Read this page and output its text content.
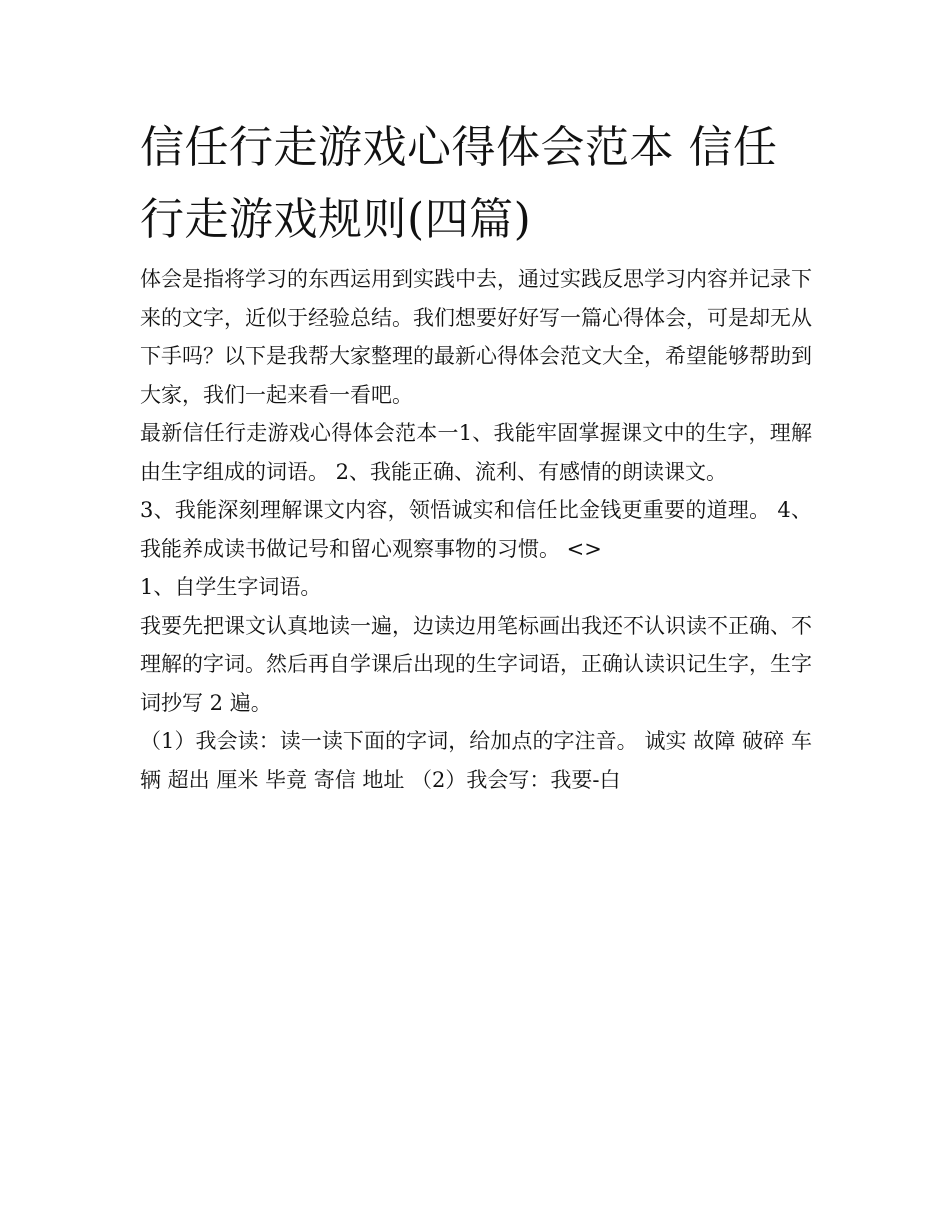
信任行走游戏心得体会范本 信任行走游戏规则(四篇)

体会是指将学习的东西运用到实践中去，通过实践反思学习内容并记录下来的文字，近似于经验总结。我们想要好好写一篇心得体会，可是却无从下手吗？以下是我帮大家整理的最新心得体会范文大全，希望能够帮助到大家，我们一起来看一看吧。

最新信任行走游戏心得体会范本一1、我能牢固掌握课文中的生字，理解由生字组成的词语。 2、我能正确、流利、有感情的朗读课文。

3、我能深刻理解课文内容，领悟诚实和信任比金钱更重要的道理。 4、我能养成读书做记号和留心观察事物的习惯。 <>

1、自学生字词语。

我要先把课文认真地读一遍，边读边用笔标画出我还不认识读不正确、不理解的字词。然后再自学课后出现的生字词语，正确认读识记生字，生字词抄写 2 遍。

（1）我会读：读一读下面的字词，给加点的字注音。 诚实 故障 破碎 车辆 超出 厘米 毕竟 寄信 地址 （2）我会写：我要-白
